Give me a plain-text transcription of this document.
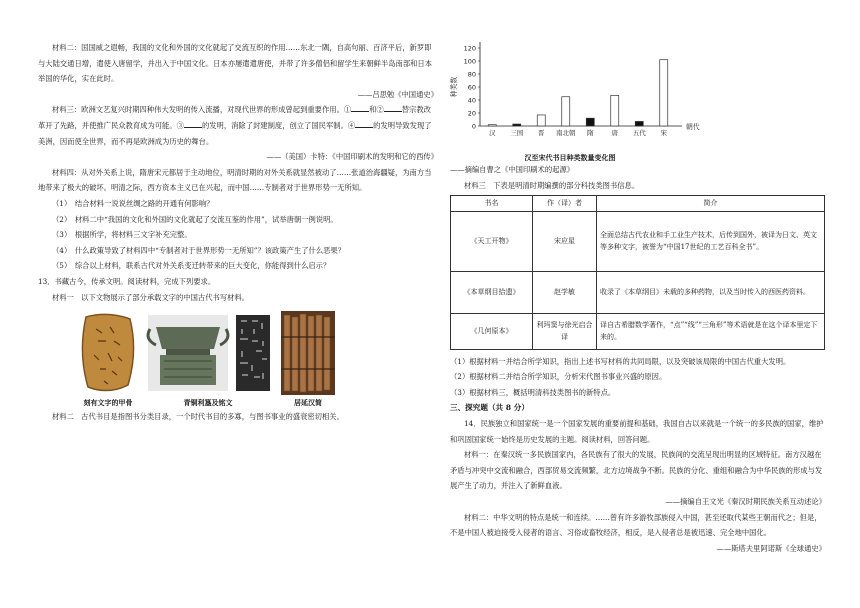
材料二：国国威之遐畅，我国的文化和外国的文化就起了交流互织的作用……东北一隅，自高句丽、百济平后，新罗即与大陆交通日增，遣使入唐留学，并出入于中国文化。日本亦屡遣遣唐使，并带了许多僧侣和留学生来朝鲜半岛南部和日本举国的华化，实在此时。

——吕思勉《中国通史》

材料三：欧洲文艺复兴时期四种伟大发明的传入流播，对现代世界的形成曾起到重要作用。① 和② 替宗教改革开了先路，并使推广民众教育成为可能。③ 的发明，消除了封建制度，创立了国民军制。④ 的发明导致发现了美洲，因而使全世界，而不再是欧洲成为历史的舞台。

——（美国）卡特：《中国印刷术的发明和它的西传》

材料四：从对外关系上说，隋唐宋元都居于主动地位，明清时期的对外关系就显然被动了……张道治海疆疑，为南方当地带来了极大的破坏。明清之际，西方资本主义已在兴起，而中国……专制者对于世界形势一无所知。

（1）　结合材料一说说丝绸之路的开通有何影响？

（2）　材料二中“我国的文化和外国的文化就起了交流互鉴的作用”，试举唐朝一例说明。

（3）　根据所学，将材料三文字补充完整。

（4）　什么政策导致了材料四中“专制者对于世界形势一无所知”？该政策产生了什么恶果？

（5）　综合以上材料，联系古代对外关系变迁转带来的巨大变化，你能得到什么启示？

13．书藏古今，传承文明。阅读材料，完成下列要求。

材料一　以下文物展示了部分承载文字的中国古代书写材料。

刻有文字的甲骨	青铜利簋及铭文	居延汉简

材料二　古代书目是指图书分类目录，一个时代书目的多寡，与图书事业的盛衰密切相关。

0
20
40
60
80
100
120
种类数
汉 三国 晋 南北朝 隋	唐 五代 宋
朝代
汉至宋代书目种类数量变化图

——摘编自曹之《中国印刷术的起源》

材料三　下表是明清时期编撰的部分科技类图书信息。

书名	作（译）者	简介
《天工开物》	宋应星	全面总结古代农业和手工业生产技术，后传到国外，被译为日文、英文等多种文字，被誉为“中国17世纪的工艺百科全书”。
《本草纲目拾遗》	赵学敏	收录了《本草纲目》未载的多种药物，以及当时传入的西医药资料。
《几何原本》	利玛窦与徐光启合译	译自古希腊数学著作，“点”“线”“三角形”等术语就是在这个译本里定下来的。

（1）根据材料一并结合所学知识，指出上述书写材料的共同局限，以及突破该局限的中国古代重大发明。

（2）根据材料二并结合所学知识，分析宋代图书事业兴盛的原因。

（3）根据材料三，概括明清科技类图书的新特点。

三、探究题（共 8 分）

14．民族独立和国家统一是一个国家发展的重要前提和基础，我国自古以来就是一个统一的多民族的国家，维护和巩固国家统一始终是历史发展的主题。阅读材料，回答问题。

材料一：在秦汉统一多民族国家内，各民族有了很大的发展，民族间的交流呈现出明显的区域特征。南方汉越在矛盾与冲突中交流和融合，西部贸易交流频繁，北方边境战争不断。民族的分化、重组和融合为中华民族的形成与发展产生了动力，并注入了新鲜血液。

——摘编自王文光《秦汉时期民族关系互动述论》

材料二：中华文明的特点是统一和连续。……曾有许多游牧部族侵入中国，甚至还取代某些王朝而代之；但是，不是中国人被迫接受入侵者的语言、习俗或畜牧经济，相反，是入侵者总是被迅速、完全地中国化。

——斯塔夫里阿诺斯《全球通史》
